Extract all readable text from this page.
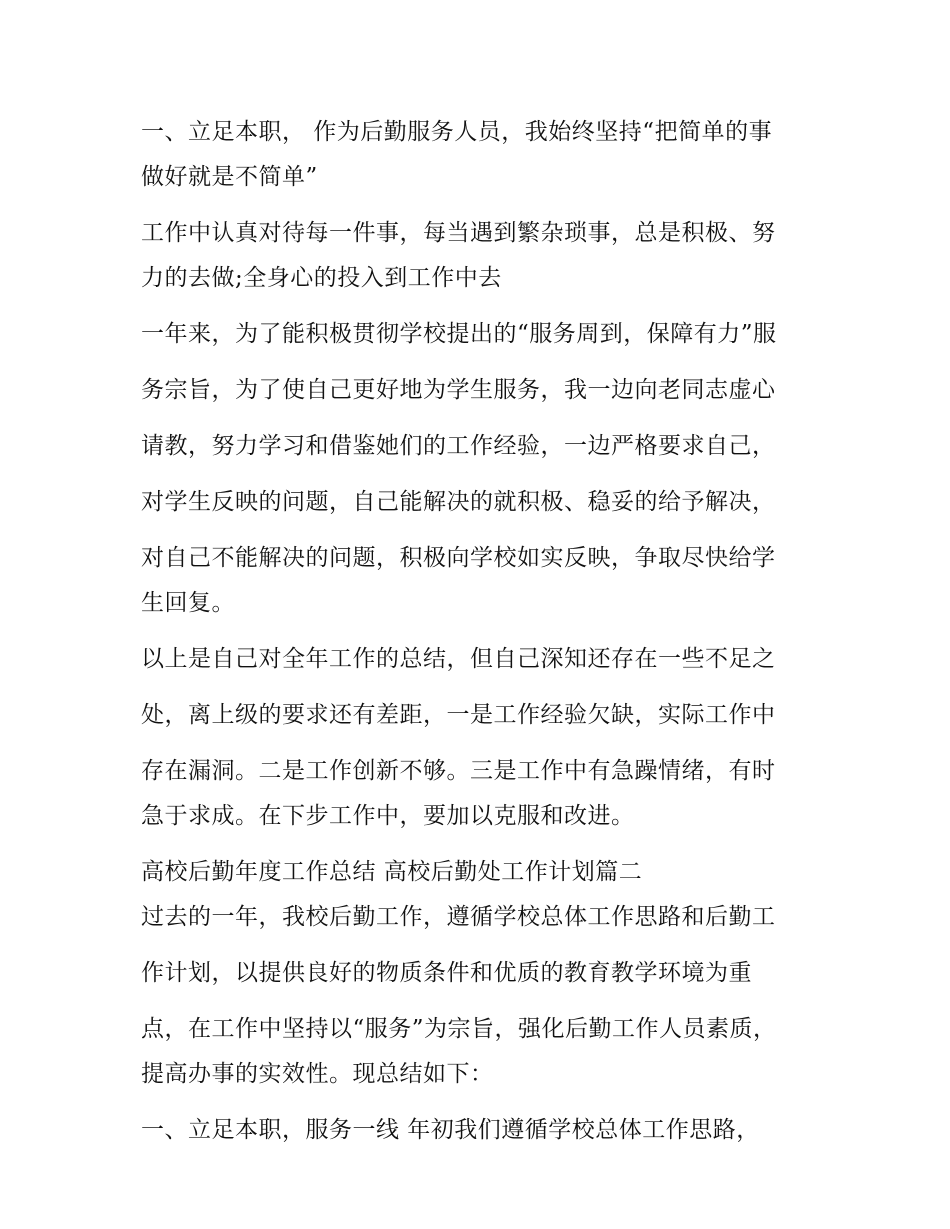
一、立足本职， 作为后勤服务人员，我始终坚持“把简单的事

做好就是不简单”

工作中认真对待每一件事，每当遇到繁杂琐事，总是积极、努

力的去做;全身心的投入到工作中去

一年来，为了能积极贯彻学校提出的“服务周到，保障有力”服

务宗旨，为了使自己更好地为学生服务，我一边向老同志虚心

请教，努力学习和借鉴她们的工作经验，一边严格要求自己，

对学生反映的问题，自己能解决的就积极、稳妥的给予解决，

对自己不能解决的问题，积极向学校如实反映，争取尽快给学

生回复。

以上是自己对全年工作的总结，但自己深知还存在一些不足之

处，离上级的要求还有差距，一是工作经验欠缺，实际工作中

存在漏洞。二是工作创新不够。三是工作中有急躁情绪，有时

急于求成。在下步工作中，要加以克服和改进。

高校后勤年度工作总结 高校后勤处工作计划篇二

过去的一年，我校后勤工作，遵循学校总体工作思路和后勤工

作计划，以提供良好的物质条件和优质的教育教学环境为重

点，在工作中坚持以“服务”为宗旨，强化后勤工作人员素质，

提高办事的实效性。现总结如下：

一、立足本职，服务一线 年初我们遵循学校总体工作思路，
